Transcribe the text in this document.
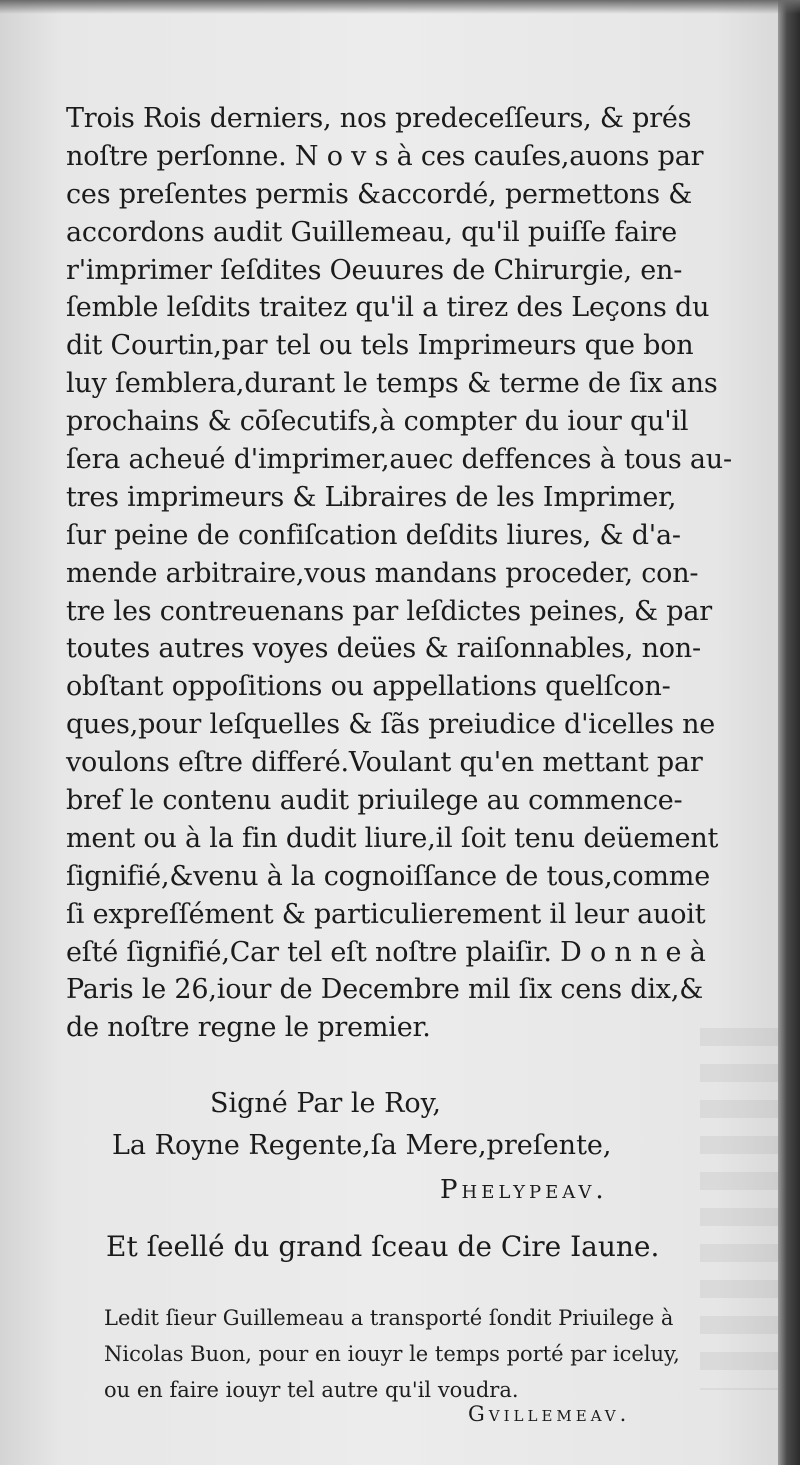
Trois Rois derniers, nos predeceſſeurs, & prés
noſtre perſonne. N o v s à ces cauſes,auons par
ces preſentes permis &accordé, permettons &
accordons audit Guillemeau, qu'il puiſſe faire
r'imprimer ſeſdites Oeuures de Chirurgie, en-
ſemble leſdits traitez qu'il a tirez des Leçons du
dit Courtin,par tel ou tels Imprimeurs que bon
luy ſemblera,durant le temps & terme de ſix ans
prochains & cōſecutifs,à compter du iour qu'il
ſera acheué d'imprimer,auec deffences à tous au-
tres imprimeurs & Libraires de les Imprimer,
ſur peine de confiſcation deſdits liures, & d'a-
mende arbitraire,vous mandans proceder, con-
tre les contreuenans par leſdictes peines, & par
toutes autres voyes deües & raiſonnables, non-
obſtant oppoſitions ou appellations quelſcon-
ques,pour leſquelles & ſãs preiudice d'icelles ne
voulons eſtre differé.Voulant qu'en mettant par
bref le contenu audit priuilege au commence-
ment ou à la fin dudit liure,il ſoit tenu deüement
ſignifié,&venu à la cognoiſſance de tous,comme
ſi expreſſément & particulierement il leur auoit
eſté ſignifié,Car tel eſt noſtre plaiſir. D o n n e à
Paris le 26,iour de Decembre mil ſix cens dix,&
de noſtre regne le premier.
Signé Par le Roy,
La Royne Regente,ſa Mere,preſente,
Phelypeav.
Et ſeellé du grand ſceau de Cire Iaune.
Ledit ſieur Guillemeau a transporté ſondit Priuilege à
Nicolas Buon, pour en iouyr le temps porté par iceluy,
ou en faire iouyr tel autre qu'il voudra.
Gvillemeav.
